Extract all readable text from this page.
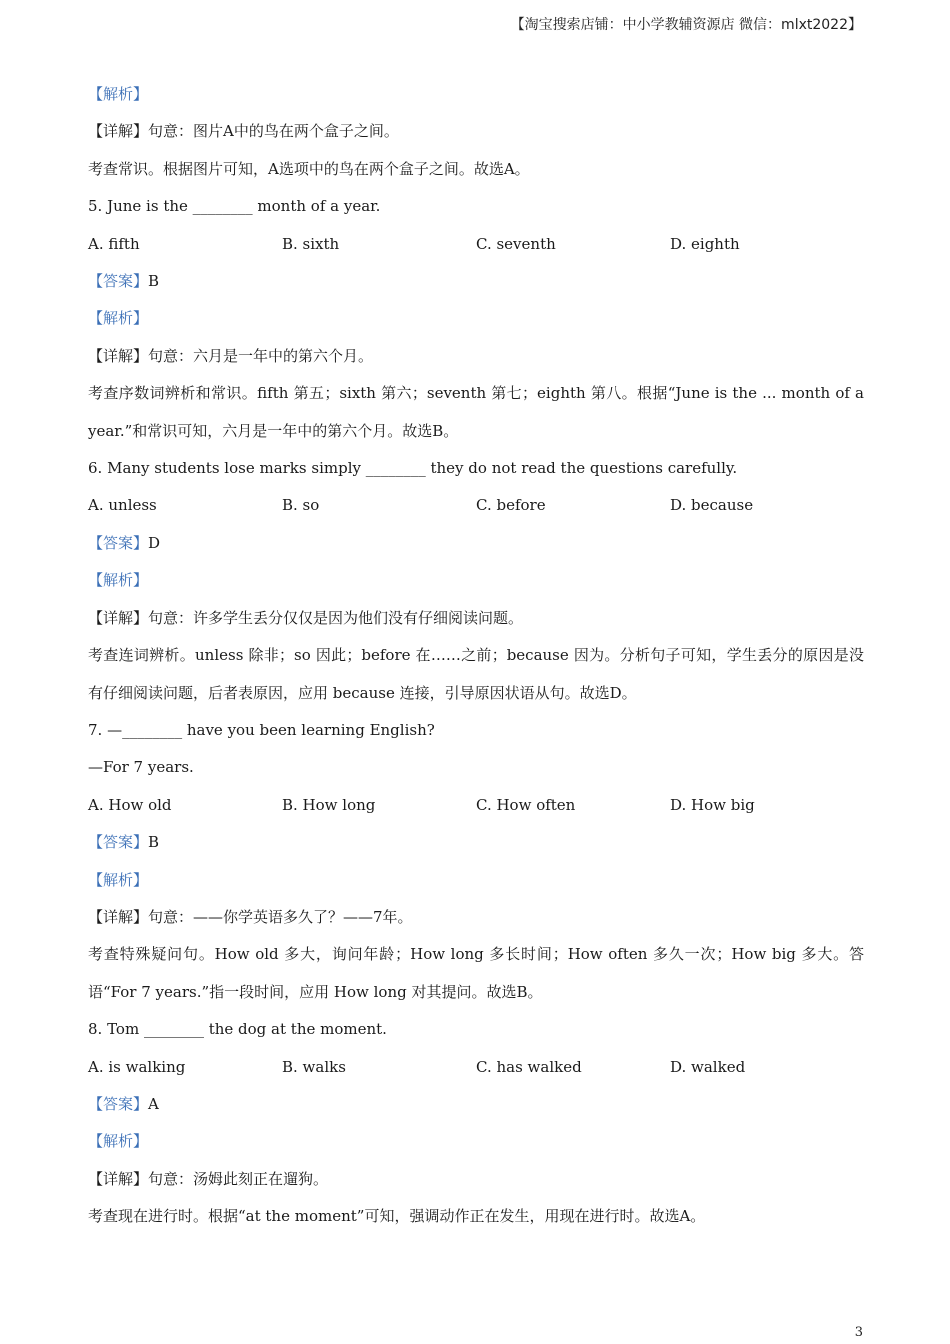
【淘宝搜索店铺：中小学教辅资源店 微信：mlxt2022】
【解析】
【详解】句意：图片A中的鸟在两个盒子之间。
考查常识。根据图片可知，A选项中的鸟在两个盒子之间。故选A。
5. June is the ________ month of a year.
A. fifth	B. sixth	C. seventh	D. eighth
【答案】B
【解析】
【详解】句意：六月是一年中的第六个月。
考查序数词辨析和常识。fifth 第五；sixth 第六；seventh 第七；eighth 第八。根据“June is the ... month of a year.”和常识可知，六月是一年中的第六个月。故选B。
6. Many students lose marks simply ________ they do not read the questions carefully.
A. unless	B. so	C. before	D. because
【答案】D
【解析】
【详解】句意：许多学生丢分仅仅是因为他们没有仔细阅读问题。
考查连词辨析。unless 除非；so 因此；before 在……之前；because 因为。分析句子可知，学生丢分的原因是没有仔细阅读问题，后者表原因，应用 because 连接，引导原因状语从句。故选D。
7. —________ have you been learning English?
—For 7 years.
A. How old	B. How long	C. How often	D. How big
【答案】B
【解析】
【详解】句意：——你学英语多久了？——7年。
考查特殊疑问句。How old 多大，询问年龄；How long 多长时间；How often 多久一次；How big 多大。答语“For 7 years.”指一段时间，应用 How long 对其提问。故选B。
8. Tom ________ the dog at the moment.
A. is walking	B. walks	C. has walked	D. walked
【答案】A
【解析】
【详解】句意：汤姆此刻正在遛狗。
考查现在进行时。根据“at the moment”可知，强调动作正在发生，用现在进行时。故选A。
3
